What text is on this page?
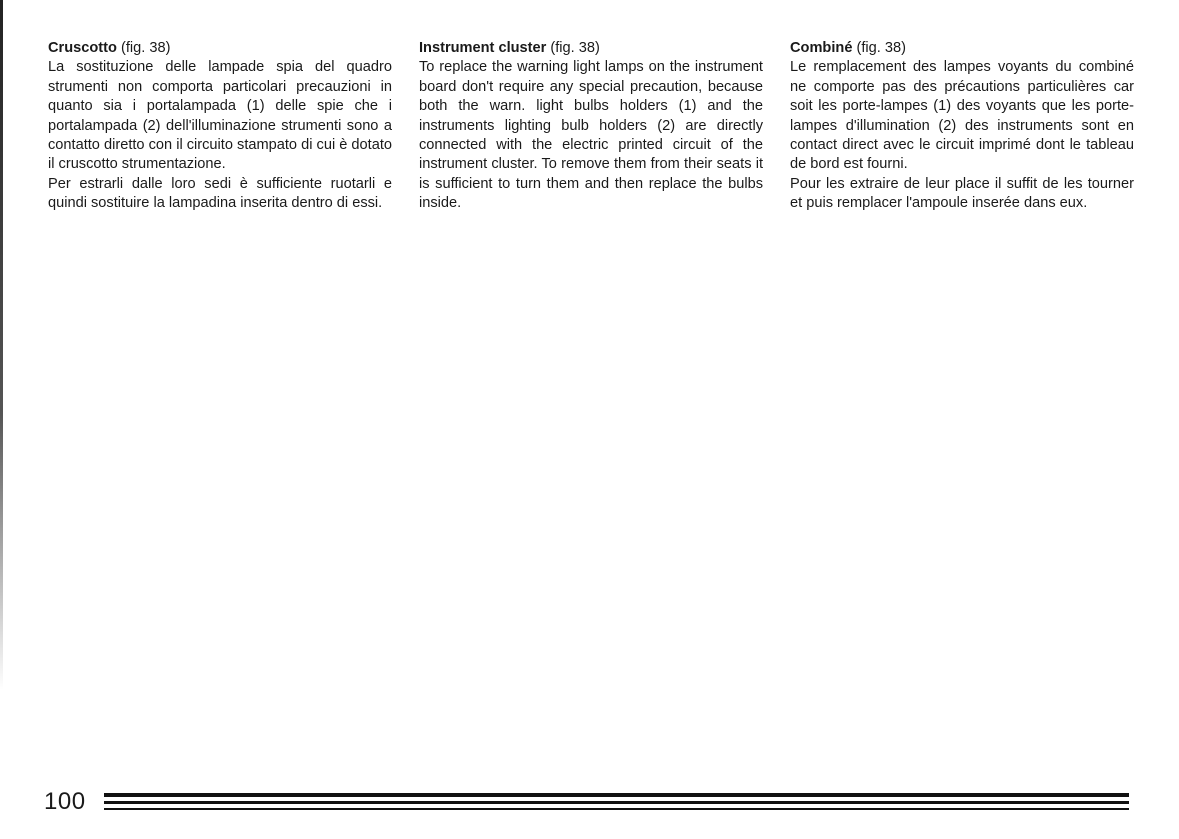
Cruscotto (fig. 38)

La sostituzione delle lampade spia del quadro strumenti non comporta particolari precauzioni in quanto sia i portalampada (1) delle spie che i portalampada (2) dell'illuminazione strumenti sono a contatto diretto con il circuito stampato di cui è dotato il cruscotto strumentazione.

Per estrarli dalle loro sedi è sufficiente ruotarli e quindi sostituire la lampadina inserita dentro di essi.

Instrument cluster (fig. 38)

To replace the warning light lamps on the instrument board don't require any special precaution, because both the warn. light bulbs holders (1) and the instruments lighting bulb holders (2) are directly connected with the electric printed circuit of the instrument cluster. To remove them from their seats it is sufficient to turn them and then replace the bulbs inside.

Combiné (fig. 38)

Le remplacement des lampes voyants du combiné ne comporte pas des précautions particulières car soit les porte-lampes (1) des voyants que les porte-lampes d'illumination (2) des instruments sont en contact direct avec le circuit imprimé dont le tableau de bord est fourni.

Pour les extraire de leur place il suffit de les tourner et puis remplacer l'ampoule inserée dans eux.

100
